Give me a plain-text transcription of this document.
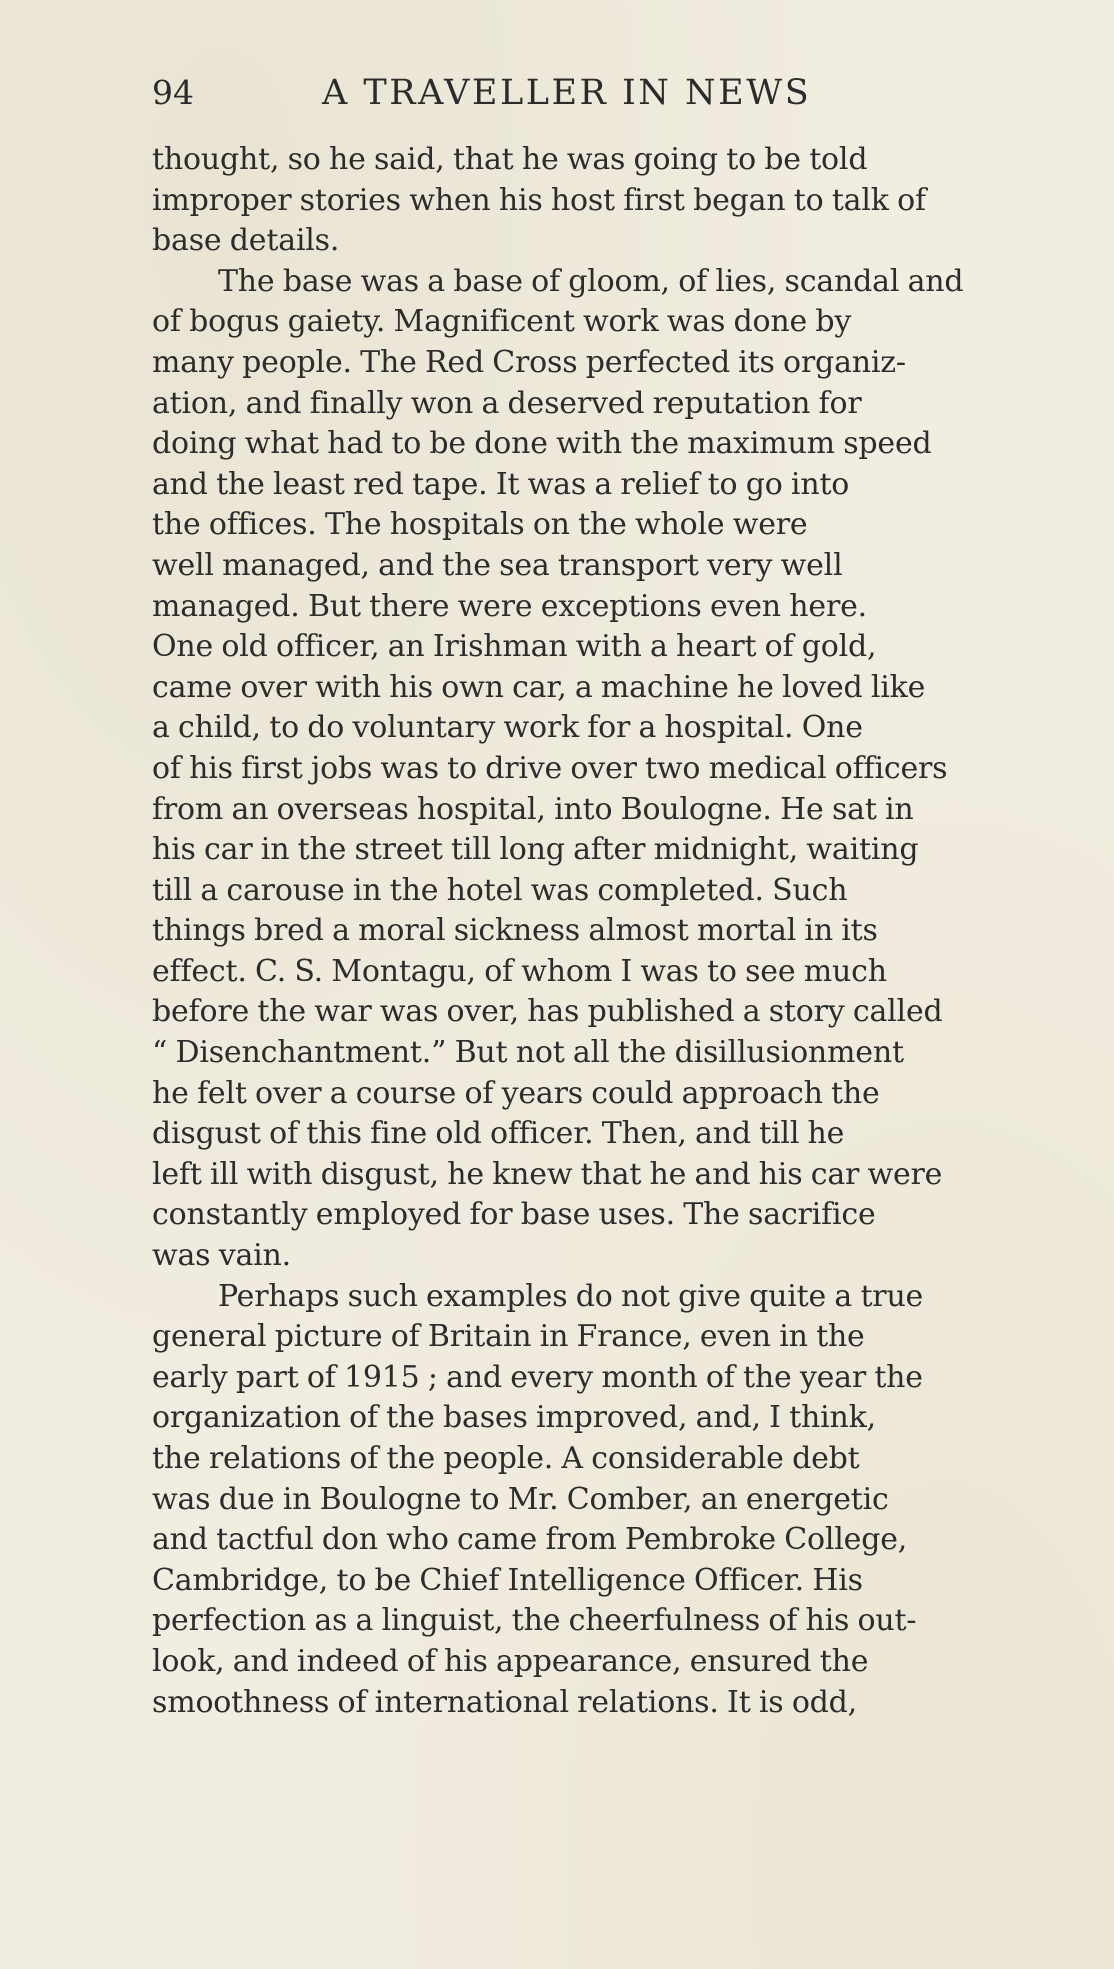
94	A TRAVELLER IN NEWS
thought, so he said, that he was going to be told
improper stories when his host first began to talk of
base details.
The base was a base of gloom, of lies, scandal and
of bogus gaiety. Magnificent work was done by
many people. The Red Cross perfected its organiz-
ation, and finally won a deserved reputation for
doing what had to be done with the maximum speed
and the least red tape. It was a relief to go into
the offices. The hospitals on the whole were
well managed, and the sea transport very well
managed. But there were exceptions even here.
One old officer, an Irishman with a heart of gold,
came over with his own car, a machine he loved like
a child, to do voluntary work for a hospital. One
of his first jobs was to drive over two medical officers
from an overseas hospital, into Boulogne. He sat in
his car in the street till long after midnight, waiting
till a carouse in the hotel was completed. Such
things bred a moral sickness almost mortal in its
effect. C. S. Montagu, of whom I was to see much
before the war was over, has published a story called
“ Disenchantment.” But not all the disillusionment
he felt over a course of years could approach the
disgust of this fine old officer. Then, and till he
left ill with disgust, he knew that he and his car were
constantly employed for base uses. The sacrifice
was vain.
Perhaps such examples do not give quite a true
general picture of Britain in France, even in the
early part of 1915 ; and every month of the year the
organization of the bases improved, and, I think,
the relations of the people. A considerable debt
was due in Boulogne to Mr. Comber, an energetic
and tactful don who came from Pembroke College,
Cambridge, to be Chief Intelligence Officer. His
perfection as a linguist, the cheerfulness of his out-
look, and indeed of his appearance, ensured the
smoothness of international relations. It is odd,
